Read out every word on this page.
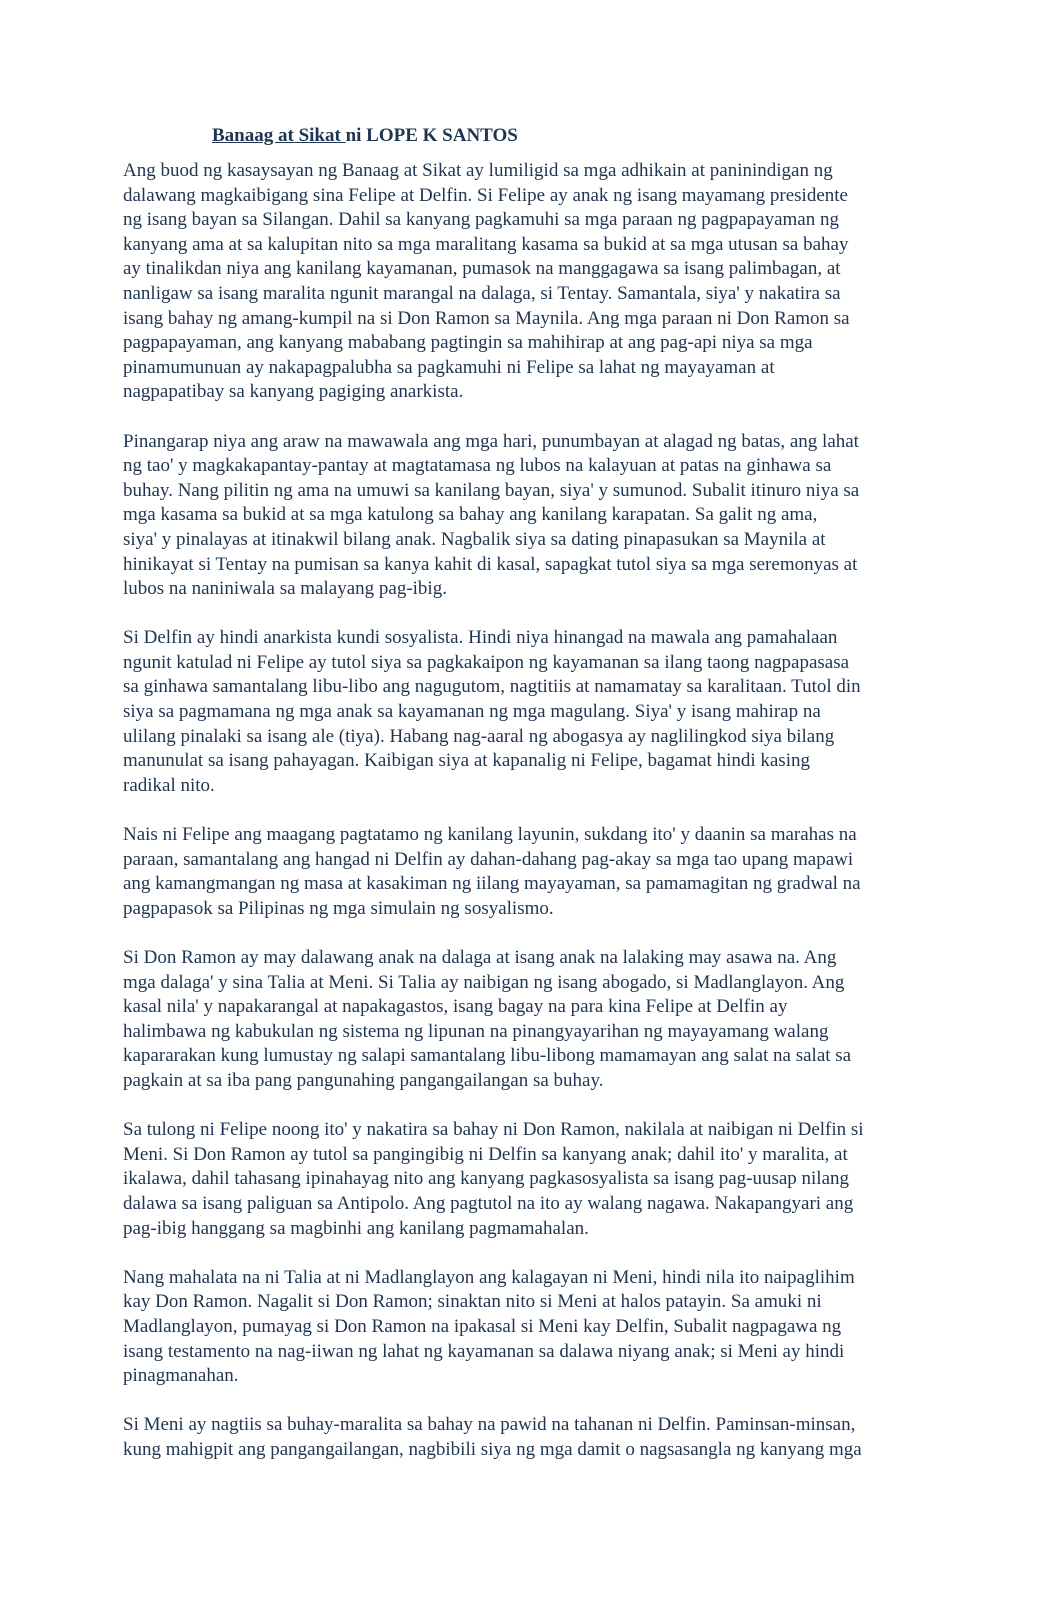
Banaag at Sikat ni LOPE K SANTOS
Ang buod ng kasaysayan ng Banaag at Sikat ay lumiligid sa mga adhikain at paninindigan ng
dalawang magkaibigang sina Felipe at Delfin. Si Felipe ay anak ng isang mayamang presidente
ng isang bayan sa Silangan. Dahil sa kanyang pagkamuhi sa mga paraan ng pagpapayaman ng
kanyang ama at sa kalupitan nito sa mga maralitang kasama sa bukid at sa mga utusan sa bahay
ay tinalikdan niya ang kanilang kayamanan, pumasok na manggagawa sa isang palimbagan, at
nanligaw sa isang maralita ngunit marangal na dalaga, si Tentay. Samantala, siya' y nakatira sa
isang bahay ng amang-kumpil na si Don Ramon sa Maynila. Ang mga paraan ni Don Ramon sa
pagpapayaman, ang kanyang mababang pagtingin sa mahihirap at ang pag-api niya sa mga
pinamumunuan ay nakapagpalubha sa pagkamuhi ni Felipe sa lahat ng mayayaman at
nagpapatibay sa kanyang pagiging anarkista.
Pinangarap niya ang araw na mawawala ang mga hari, punumbayan at alagad ng batas, ang lahat
ng tao' y magkakapantay-pantay at magtatamasa ng lubos na kalayuan at patas na ginhawa sa
buhay. Nang pilitin ng ama na umuwi sa kanilang bayan, siya' y sumunod. Subalit itinuro niya sa
mga kasama sa bukid at sa mga katulong sa bahay ang kanilang karapatan. Sa galit ng ama,
siya' y pinalayas at itinakwil bilang anak. Nagbalik siya sa dating pinapasukan sa Maynila at
hinikayat si Tentay na pumisan sa kanya kahit di kasal, sapagkat tutol siya sa mga seremonyas at
lubos na naniniwala sa malayang pag-ibig.
Si Delfin ay hindi anarkista kundi sosyalista. Hindi niya hinangad na mawala ang pamahalaan
ngunit katulad ni Felipe ay tutol siya sa pagkakaipon ng kayamanan sa ilang taong nagpapasasa
sa ginhawa samantalang libu-libo ang nagugutom, nagtitiis at namamatay sa karalitaan. Tutol din
siya sa pagmamana ng mga anak sa kayamanan ng mga magulang. Siya' y isang mahirap na
ulilang pinalaki sa isang ale (tiya). Habang nag-aaral ng abogasya ay naglilingkod siya bilang
manunulat sa isang pahayagan. Kaibigan siya at kapanalig ni Felipe, bagamat hindi kasing
radikal nito.
Nais ni Felipe ang maagang pagtatamo ng kanilang layunin, sukdang ito' y daanin sa marahas na
paraan, samantalang ang hangad ni Delfin ay dahan-dahang pag-akay sa mga tao upang mapawi
ang kamangmangan ng masa at kasakiman ng iilang mayayaman, sa pamamagitan ng gradwal na
pagpapasok sa Pilipinas ng mga simulain ng sosyalismo.
Si Don Ramon ay may dalawang anak na dalaga at isang anak na lalaking may asawa na. Ang
mga dalaga' y sina Talia at Meni. Si Talia ay naibigan ng isang abogado, si Madlanglayon. Ang
kasal nila' y napakarangal at napakagastos, isang bagay na para kina Felipe at Delfin ay
halimbawa ng kabukulan ng sistema ng lipunan na pinangyayarihan ng mayayamang walang
kapararakan kung lumustay ng salapi samantalang libu-libong mamamayan ang salat na salat sa
pagkain at sa iba pang pangunahing pangangailangan sa buhay.
Sa tulong ni Felipe noong ito' y nakatira sa bahay ni Don Ramon, nakilala at naibigan ni Delfin si
Meni. Si Don Ramon ay tutol sa pangingibig ni Delfin sa kanyang anak; dahil ito' y maralita, at
ikalawa, dahil tahasang ipinahayag nito ang kanyang pagkasosyalista sa isang pag-uusap nilang
dalawa sa isang paliguan sa Antipolo. Ang pagtutol na ito ay walang nagawa. Nakapangyari ang
pag-ibig hanggang sa magbinhi ang kanilang pagmamahalan.
Nang mahalata na ni Talia at ni Madlanglayon ang kalagayan ni Meni, hindi nila ito naipaglihim
kay Don Ramon. Nagalit si Don Ramon; sinaktan nito si Meni at halos patayin. Sa amuki ni
Madlanglayon, pumayag si Don Ramon na ipakasal si Meni kay Delfin, Subalit nagpagawa ng
isang testamento na nag-iiwan ng lahat ng kayamanan sa dalawa niyang anak; si Meni ay hindi
pinagmanahan.
Si Meni ay nagtiis sa buhay-maralita sa bahay na pawid na tahanan ni Delfin. Paminsan-minsan,
kung mahigpit ang pangangailangan, nagbibili siya ng mga damit o nagsasangla ng kanyang mga
